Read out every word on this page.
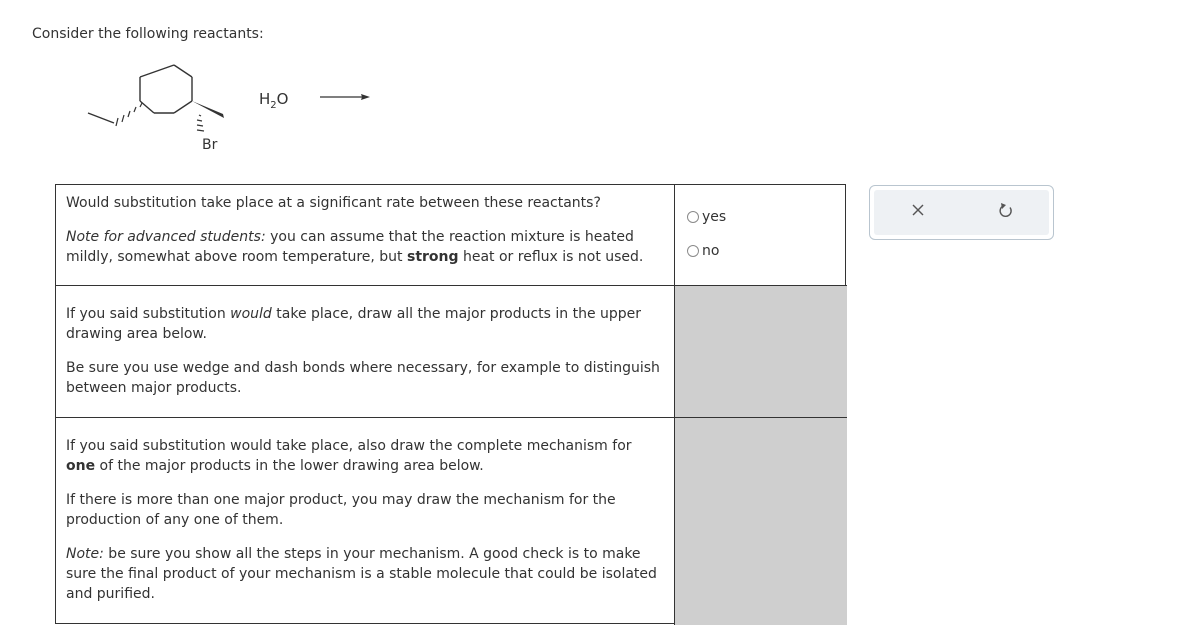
Consider the following reactants:

Br
$H_2O$

Would substitution take place at a significant rate between these reactants?

Note for advanced students: you can assume that the reaction mixture is heated mildly, somewhat above room temperature, but strong heat or reflux is not used.

yes
no

If you said substitution would take place, draw all the major products in the upper drawing area below.

Be sure you use wedge and dash bonds where necessary, for example to distinguish between major products.

If you said substitution would take place, also draw the complete mechanism for one of the major products in the lower drawing area below.

If there is more than one major product, you may draw the mechanism for the production of any one of them.

Note: be sure you show all the steps in your mechanism. A good check is to make sure the final product of your mechanism is a stable molecule that could be isolated and purified.
